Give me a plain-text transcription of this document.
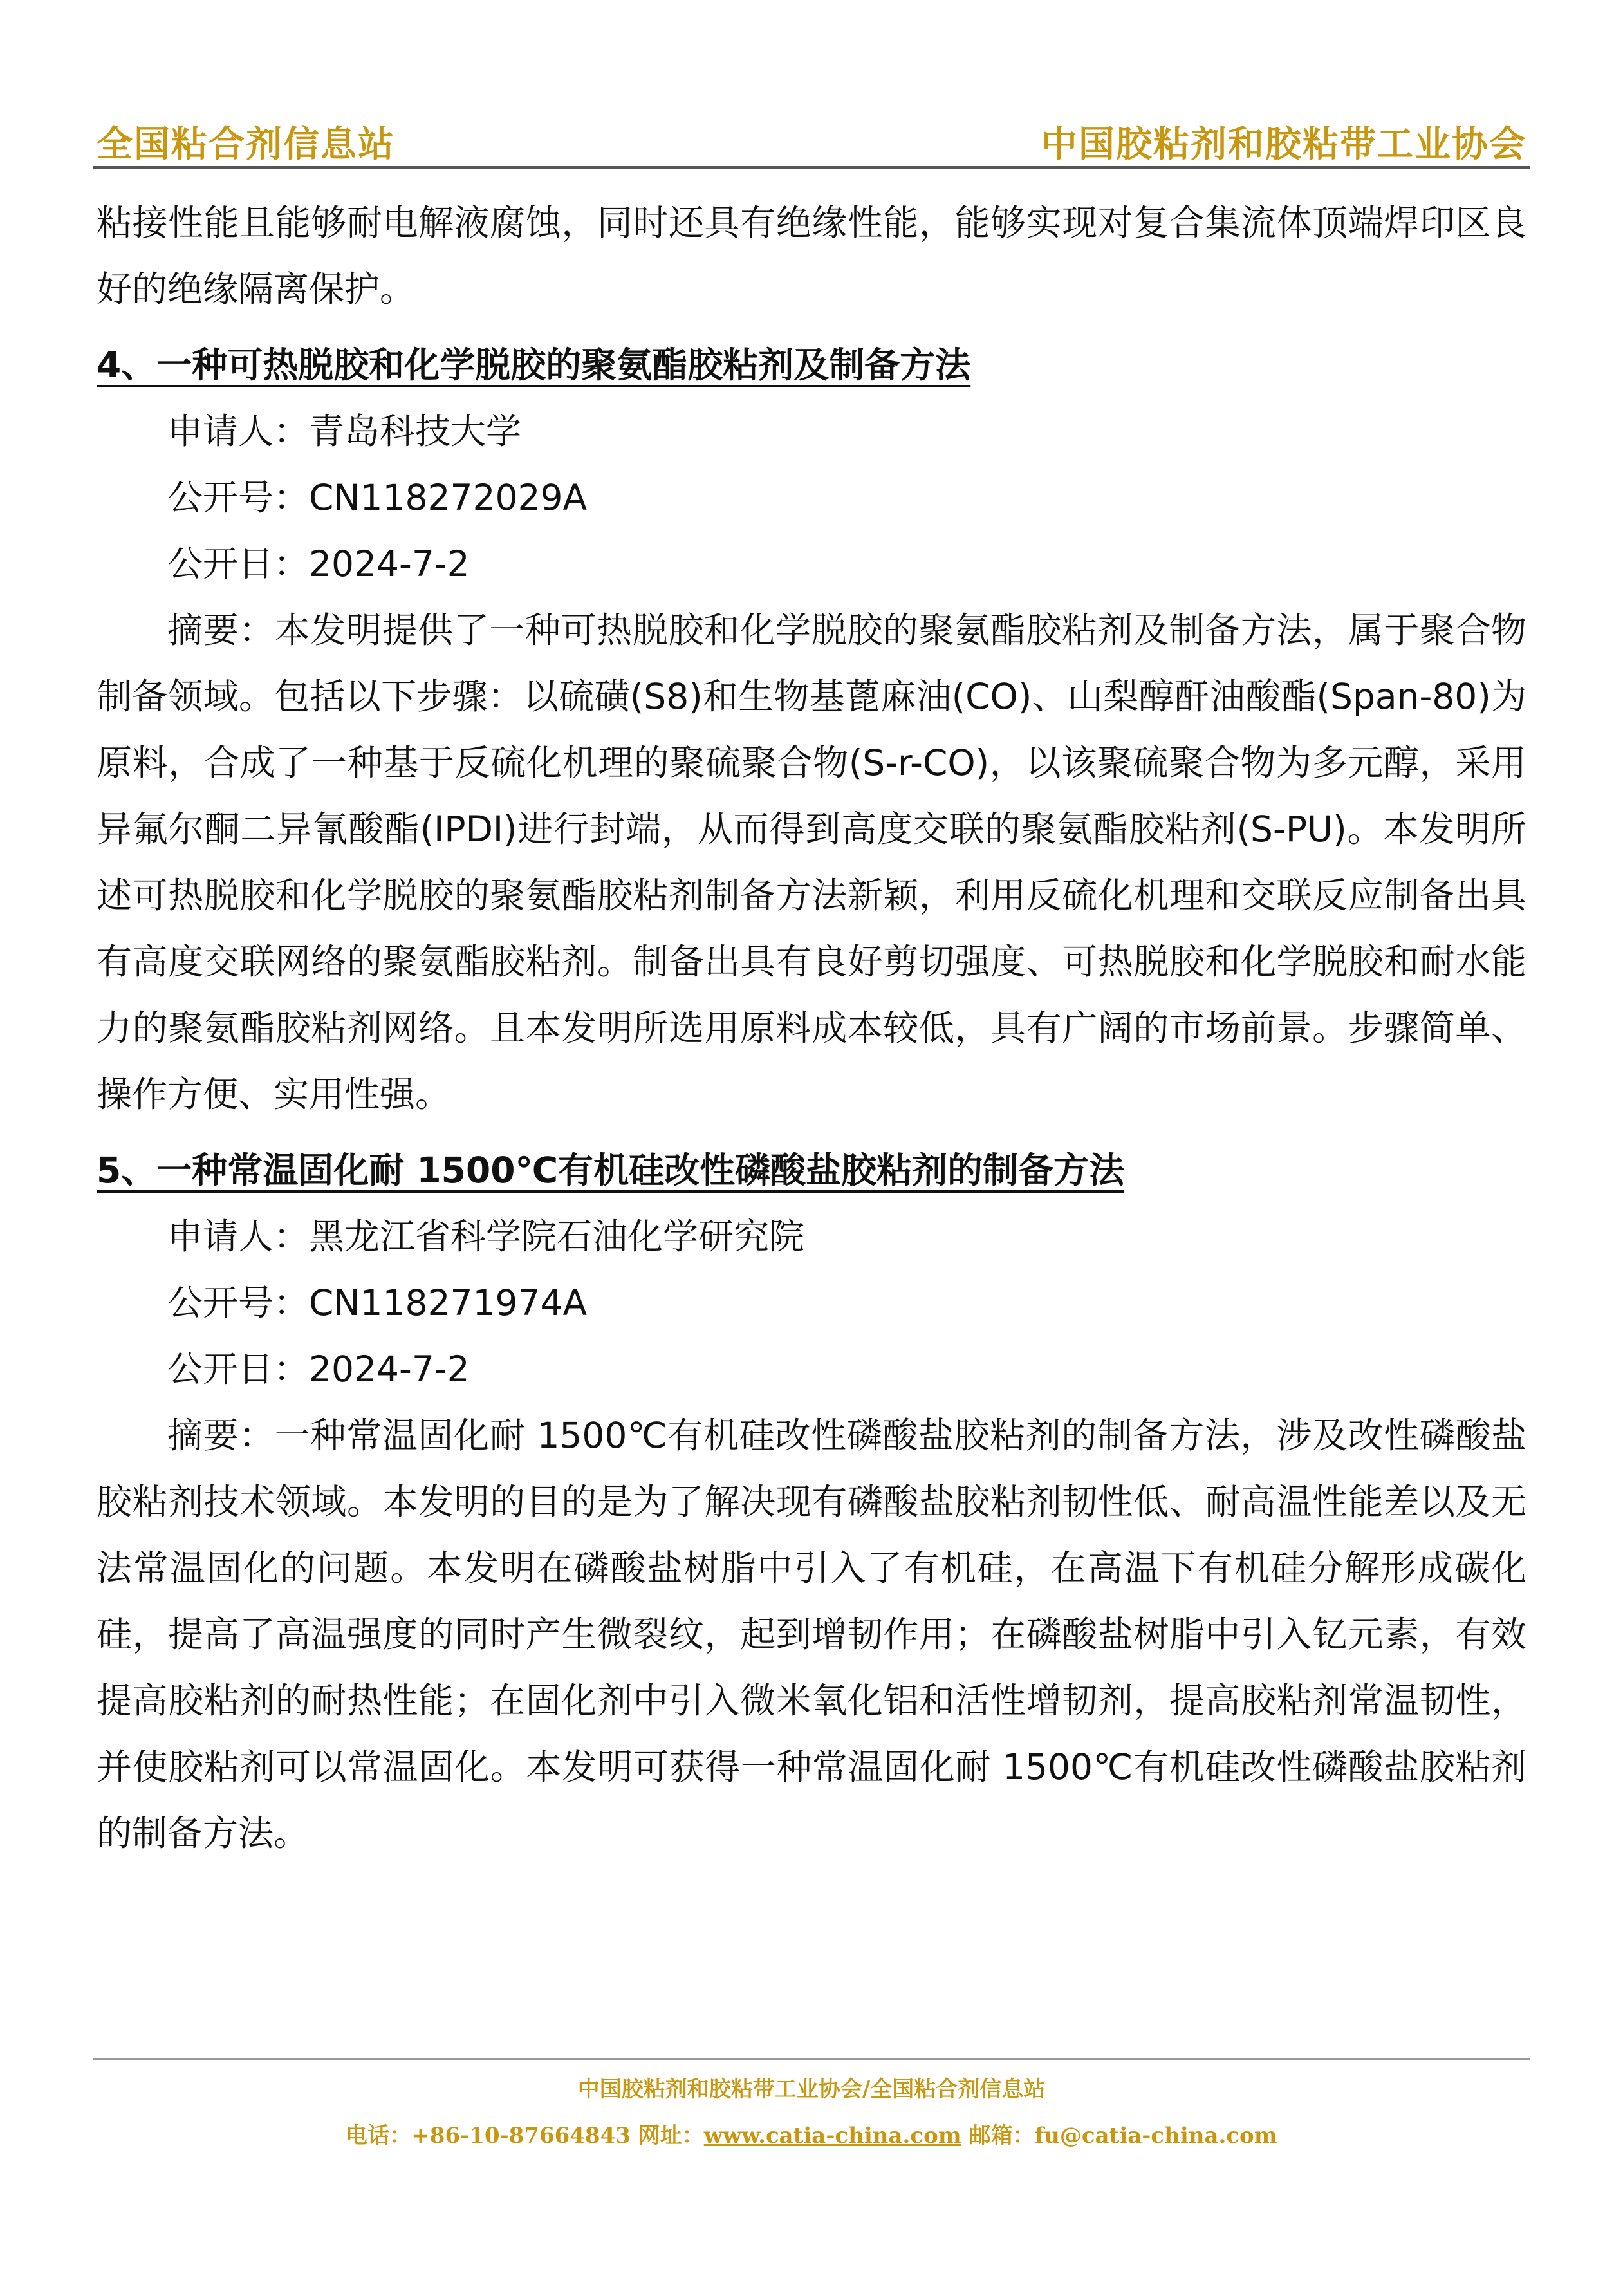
全国粘合剂信息站	中国胶粘剂和胶粘带工业协会

粘接性能且能够耐电解液腐蚀，同时还具有绝缘性能，能够实现对复合集流体顶端焊印区良好的绝缘隔离保护。

4、一种可热脱胶和化学脱胶的聚氨酯胶粘剂及制备方法

申请人：青岛科技大学

公开号：CN118272029A

公开日：2024-7-2

摘要：本发明提供了一种可热脱胶和化学脱胶的聚氨酯胶粘剂及制备方法，属于聚合物制备领域。包括以下步骤：以硫磺(S8)和生物基蓖麻油(CO)、山梨醇酐油酸酯(Span-80)为原料，合成了一种基于反硫化机理的聚硫聚合物(S-r-CO)，以该聚硫聚合物为多元醇，采用异氟尔酮二异氰酸酯(IPDI)进行封端，从而得到高度交联的聚氨酯胶粘剂(S-PU)。本发明所述可热脱胶和化学脱胶的聚氨酯胶粘剂制备方法新颖，利用反硫化机理和交联反应制备出具有高度交联网络的聚氨酯胶粘剂。制备出具有良好剪切强度、可热脱胶和化学脱胶和耐水能力的聚氨酯胶粘剂网络。且本发明所选用原料成本较低，具有广阔的市场前景。步骤简单、操作方便、实用性强。

5、一种常温固化耐 1500℃有机硅改性磷酸盐胶粘剂的制备方法

申请人：黑龙江省科学院石油化学研究院

公开号：CN118271974A

公开日：2024-7-2

摘要：一种常温固化耐 1500℃有机硅改性磷酸盐胶粘剂的制备方法，涉及改性磷酸盐胶粘剂技术领域。本发明的目的是为了解决现有磷酸盐胶粘剂韧性低、耐高温性能差以及无法常温固化的问题。本发明在磷酸盐树脂中引入了有机硅，在高温下有机硅分解形成碳化硅，提高了高温强度的同时产生微裂纹，起到增韧作用；在磷酸盐树脂中引入钇元素，有效提高胶粘剂的耐热性能；在固化剂中引入微米氧化铝和活性增韧剂，提高胶粘剂常温韧性，并使胶粘剂可以常温固化。本发明可获得一种常温固化耐 1500℃有机硅改性磷酸盐胶粘剂的制备方法。

中国胶粘剂和胶粘带工业协会/全国粘合剂信息站
电话：+86-10-87664843 网址：www.catia-china.com 邮箱：fu@catia-china.com
